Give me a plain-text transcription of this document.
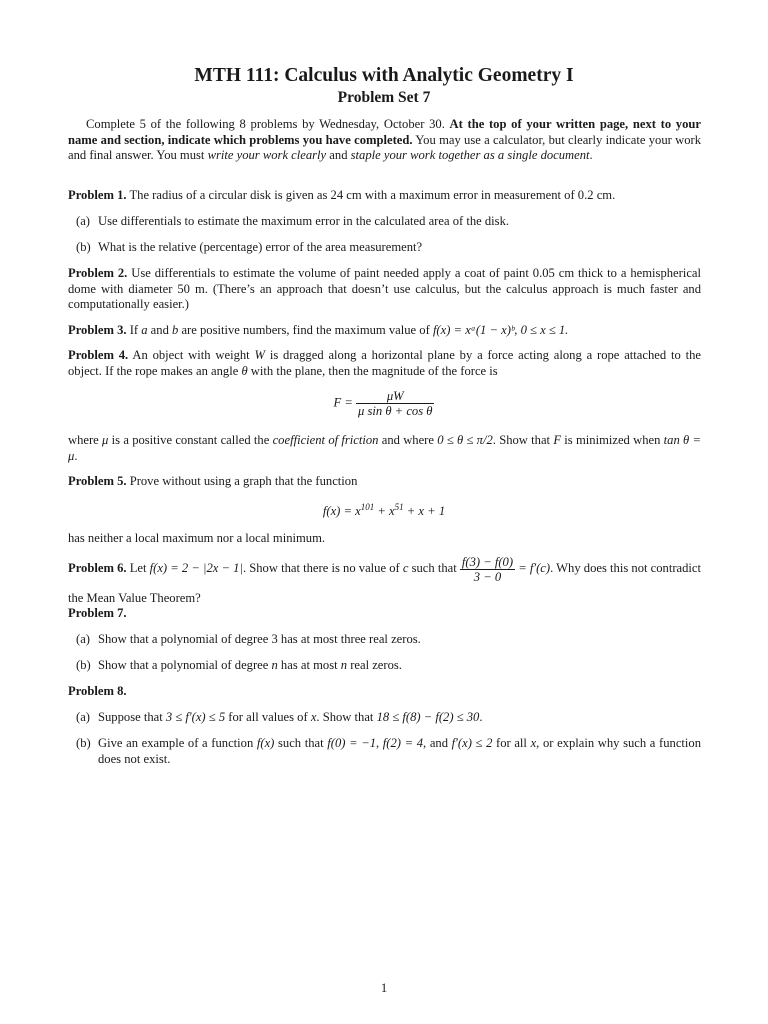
MTH 111: Calculus with Analytic Geometry I
Problem Set 7

Complete 5 of the following 8 problems by Wednesday, October 30. At the top of your written page, next to your name and section, indicate which problems you have completed. You may use a calculator, but clearly indicate your work and final answer. You must write your work clearly and staple your work together as a single document.

Problem 1. The radius of a circular disk is given as 24 cm with a maximum error in measurement of 0.2 cm.

(a) Use differentials to estimate the maximum error in the calculated area of the disk.
(b) What is the relative (percentage) error of the area measurement?

Problem 2. Use differentials to estimate the volume of paint needed apply a coat of paint 0.05 cm thick to a hemispherical dome with diameter 50 m. (There’s an approach that doesn’t use calculus, but the calculus approach is much faster and computationally easier.)

Problem 3. If a and b are positive numbers, find the maximum value of f(x) = xᵃ(1 − x)ᵇ, 0 ≤ x ≤ 1.

Problem 4. An object with weight W is dragged along a horizontal plane by a force acting along a rope attached to the object. If the rope makes an angle θ with the plane, then the magnitude of the force is

$F = \frac{\mu W}{\text{μ sin θ + cos θ}}$

where μ is a positive constant called the coefficient of friction and where 0 ≤ θ ≤ π/2. Show that F is minimized when tan θ = μ.

Problem 5. Prove without using a graph that the function

$f(x) = x^{101} + x^{51} + x + 1$

has neither a local maximum nor a local minimum.

Problem 6. Let f(x) = 2 − |2x − 1|. Show that there is no value of c such that $\frac{f(3) - f(0)}{3 - 0} = f'(c)$. Why does this not contradict the Mean Value Theorem?

Problem 7.

(a) Show that a polynomial of degree 3 has at most three real zeros.
(b) Show that a polynomial of degree n has at most n real zeros.

Problem 8.

(a) Suppose that 3 ≤ f′(x) ≤ 5 for all values of x. Show that 18 ≤ f(8) − f(2) ≤ 30.
(b) Give an example of a function f(x) such that f(0) = −1, f(2) = 4, and f′(x) ≤ 2 for all x, or explain why such a function does not exist.
1
